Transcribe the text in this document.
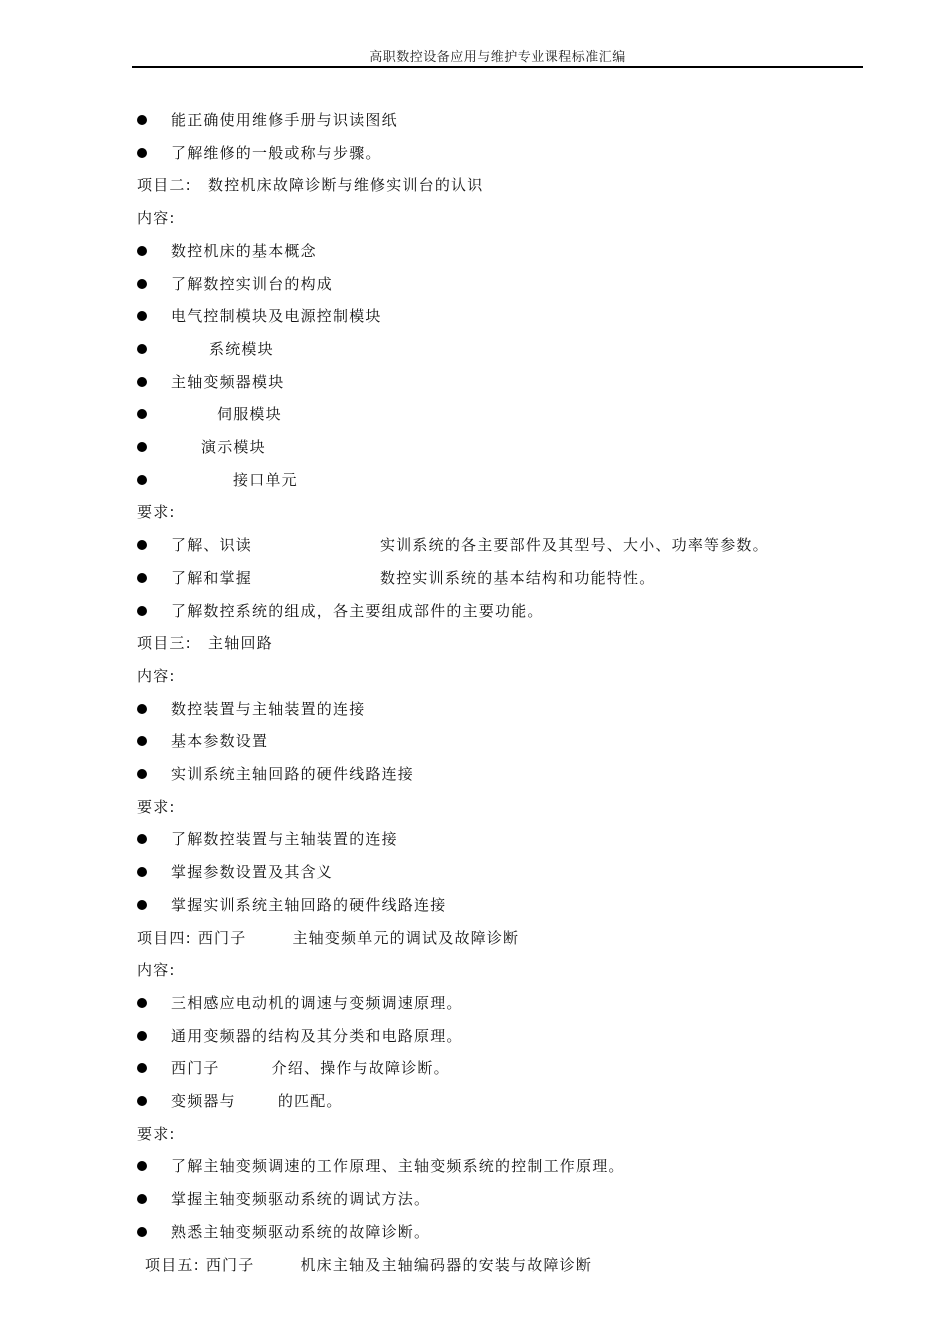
高职数控设备应用与维护专业课程标准汇编
能正确使用维修手册与识读图纸
了解维修的一般或称与步骤。
项目二:　数控机床故障诊断与维修实训台的认识
内容:
数控机床的基本概念
了解数控实训台的构成
电气控制模块及电源控制模块
系统模块
主轴变频器模块
伺服模块
演示模块
接口单元
要求:
了解、识读	实训系统的各主要部件及其型号、大小、功率等参数。
了解和掌握	数控实训系统的基本结构和功能特性。
了解数控系统的组成，各主要组成部件的主要功能。
项目三:　主轴回路
内容:
数控装置与主轴装置的连接
基本参数设置
实训系统主轴回路的硬件线路连接
要求:
了解数控装置与主轴装置的连接
掌握参数设置及其含义
掌握实训系统主轴回路的硬件线路连接
项目四: 西门子	主轴变频单元的调试及故障诊断
内容:
三相感应电动机的调速与变频调速原理。
通用变频器的结构及其分类和电路原理。
西门子	介绍、操作与故障诊断。
变频器与	的匹配。
要求:
了解主轴变频调速的工作原理、主轴变频系统的控制工作原理。
掌握主轴变频驱动系统的调试方法。
熟悉主轴变频驱动系统的故障诊断。
项目五: 西门子	机床主轴及主轴编码器的安装与故障诊断
